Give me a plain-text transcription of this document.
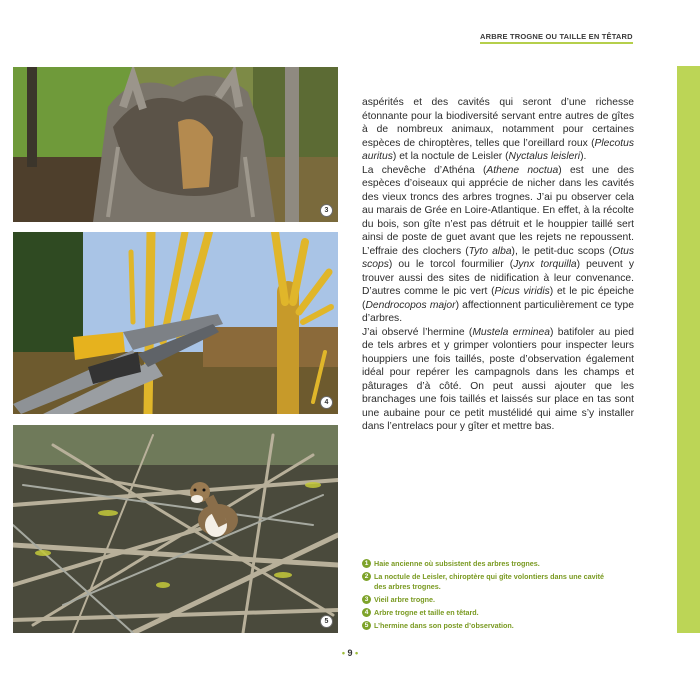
ARBRE TROGNE OU TAILLE EN TÊTARD
3
4
5

aspérités et des cavités qui seront d’une richesse étonnante pour la biodiversité servant entre autres de gîtes à de nombreux animaux, notamment pour certaines espèces de chiroptères, telles que l’oreillard roux (Plecotus auritus) et la noctule de Leisler (Nyctalus leisleri).

La chevêche d’Athéna (Athene noctua) est une des espèces d’oiseaux qui apprécie de nicher dans les cavités des vieux troncs des arbres trognes. J’ai pu observer cela au marais de Grée en Loire-Atlantique. En effet, à la récolte du bois, son gîte n’est pas détruit et le houppier taillé sert ainsi de poste de guet avant que les rejets ne repoussent. L’effraie des clochers (Tyto alba), le petit-duc scops (Otus scops) ou le torcol fourmilier (Jynx torquilla) peuvent y trouver aussi des sites de nidification à leur convenance. D’autres comme le pic vert (Picus viridis) et le pic épeiche (Dendrocopos major) affectionnent particulièrement ce type d’arbres.

J’ai observé l’hermine (Mustela erminea) batifoler au pied de tels arbres et y grimper volontiers pour inspecter leurs houppiers une fois taillés, poste d’observation également idéal pour repérer les campagnols dans les champs et pâturages d’à côté. On peut aussi ajouter que les branchages une fois taillés et laissés sur place en tas sont une aubaine pour ce petit mustélidé qui aime s’y installer dans l’entrelacs pour y gîter et mettre bas.

1 Haie ancienne où subsistent des arbres trognes.
2 La noctule de Leisler, chiroptère qui gîte volontiers dans une cavité des arbres trognes.
3 Vieil arbre trogne.
4 Arbre trogne et taille en têtard.
5 L’hermine dans son poste d’observation.
• 9 •
